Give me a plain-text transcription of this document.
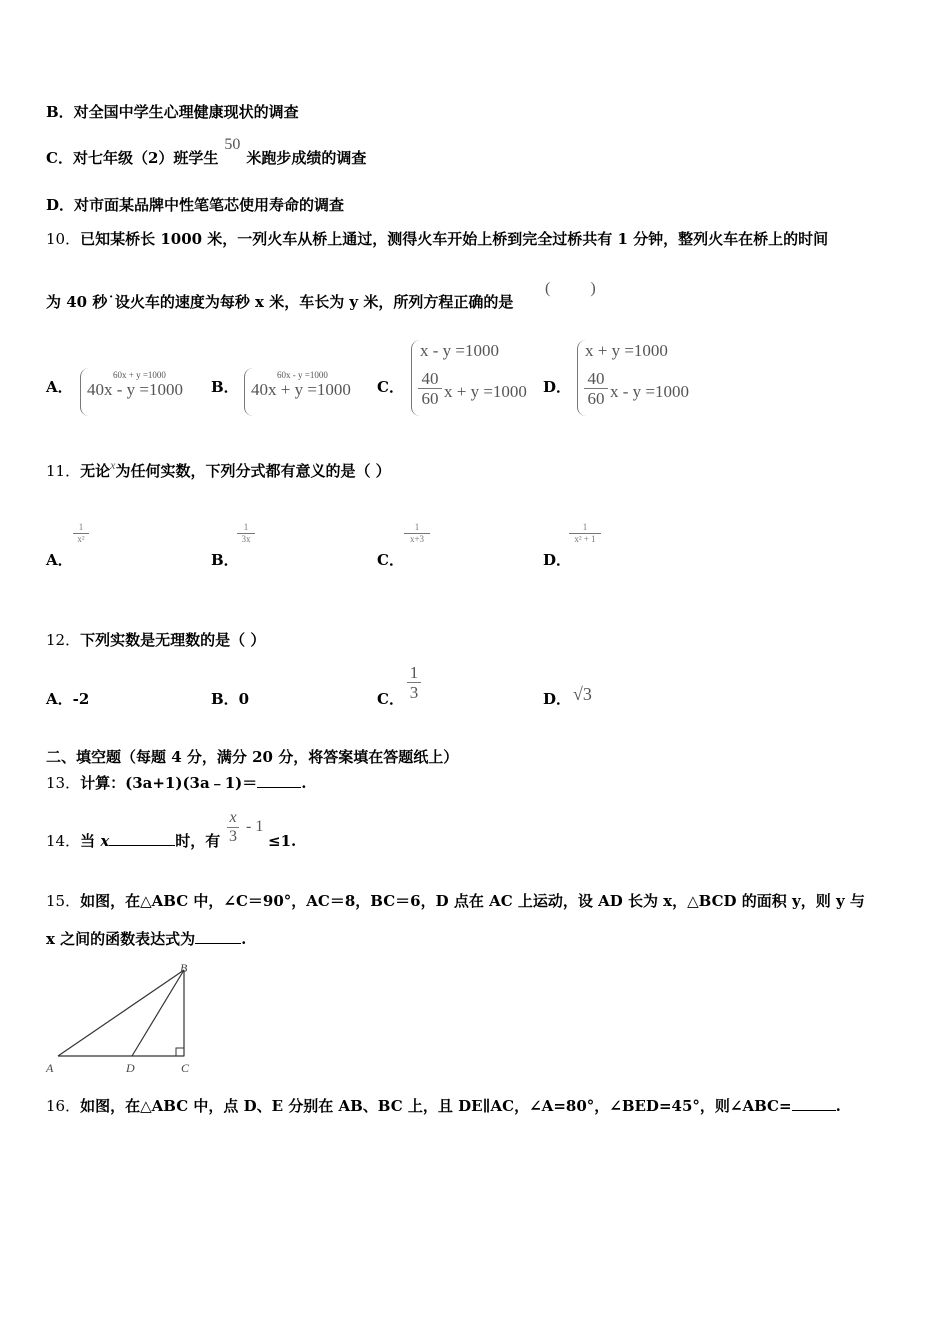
B．对全国中学生心理健康现状的调查
C．对七年级（2）班学生50米跑步成绩的调查
D．对市面某品牌中性笔笔芯使用寿命的调查
10．已知某桥长 1000 米，一列火车从桥上通过，测得火车开始上桥到完全过桥共有 1 分钟，整列火车在桥上的时间
为 40 秒˙设火车的速度为每秒 x 米，车长为 y 米，所列方程正确的是
(          )
A．
60x + y =1000
40x - y =1000 B．
60x - y =1000
40x + y =1000 C．
x - y =1000
40
60 x + y =1000 D．
x + y =1000
40
60 x - y =1000
11．无论$^x$为任何实数，下列分式都有意义的是（ ）
A．
1
x²
B．
1
3x
C．
1
x+3
D．
1
x² + 1
12．下列实数是无理数的是（ ）
A．-2	B．0	C．
1
3	D． √3
二、填空题（每题 4 分，满分 20 分，将答案填在答题纸上）
13．计算：(3a+1)(3a﹣1)＝	.
14．当 x	时，有
x
3
- 1
≤1.
15．如图，在△ABC 中，∠C＝90°，AC＝8，BC＝6，D 点在 AC 上运动，设 AD 长为 x，△BCD 的面积 y，则 y 与
x 之间的函数表达式为	.
A
B
C
D
16．如图，在△ABC 中，点 D、E 分别在 AB、BC 上，且 DE∥AC，∠A=80°，∠BED=45°，则∠ABC=	.
